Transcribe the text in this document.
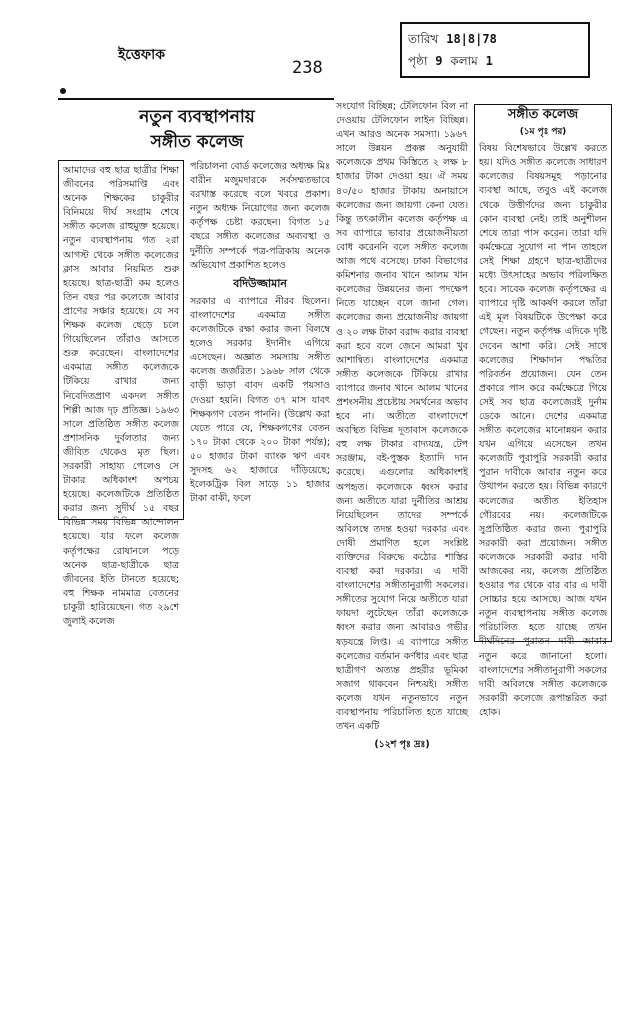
ইত্তেফাক
238
তারিখ 18|8|78
পৃষ্ঠা 9 কলাম 1
নতুন ব্যবস্থাপনায়
সঙ্গীত কলেজ

আমাদের বহু ছাত্র ছাত্রীর শিক্ষা জীবনের পরিসমাপ্তি এবং অনেক শিক্ষকের চাকুরীর বিনিময়ে দীর্ঘ সংগ্রাম শেষে সঙ্গীত কলেজ রাহুমুক্ত হয়েছে। নতুন ব্যবস্থাপনায় গত ২রা আগস্ট থেকে সঙ্গীত কলেজের ক্লাস আবার নিয়মিত শুরু হয়েছে। ছাত্র-ছাত্রী কম হলেও তিন বছর পর কলেজে আবার প্রাণের সঞ্চার হয়েছে। যে সব শিক্ষক কলেজ ছেড়ে চলে গিয়েছিলেন তাঁরাও আসতে শুরু করেছেন। বাংলাদেশের একমাত্র সঙ্গীত কলেজকে টিকিয়ে রাখার জন্য নিবেদিতপ্রাণ একদল সঙ্গীত শিল্পী আজ দৃঢ় প্রতিজ্ঞ। ১৯৬৩ সালে প্রতিষ্ঠিত সঙ্গীত কলেজ প্রশাসনিক দুর্বলতার জন্য জীবিত থেকেও মৃত ছিল। সরকারী সাহায্য পেলেও সে টাকার অধিকাংশ অপচয় হয়েছে। কলেজটিকে প্রতিষ্ঠিত করার জন্য সুদীর্ঘ ১৫ বছর বিভিন্ন সময় বিভিন্ন আন্দোলন হয়েছে। যার ফলে কলেজ কর্তৃপক্ষের রোষানলে পড়ে অনেক ছাত্র-ছাত্রীকে ছাত্র জীবনের ইতি টানতে হয়েছে; বহু শিক্ষক নামমাত্র বেতনের চাকুরী হারিয়েছেন। গত ২৯শে জুলাই কলেজ

পরিচালনা বোর্ড কলেজের অধ্যক্ষ মিঃ বারীন মজুমদারকে সর্বসম্মতভাবে বরখাস্ত করেছে বলে খবরে প্রকাশ। নতুন অধ্যক্ষ নিয়োগের জন্য কলেজ কর্তৃপক্ষ চেষ্টা করছেন। বিগত ১৫ বছরে সঙ্গীত কলেজের অব্যবস্থা ও দুর্নীতি সম্পর্কে পত্র-পত্রিকায় অনেক অভিযোগ প্রকাশিত হলেও

বদিউজ্জামান

সরকার এ ব্যাপারে নীরব ছিলেন। বাংলাদেশের একমাত্র সঙ্গীত কলেজটিকে রক্ষা করার জন্য বিলম্বে হলেও সরকার ইদানীং এগিয়ে এসেছেন। অজ্ঞাত সমস্যায় সঙ্গীত কলেজ জর্জরিত। ১৯৬৮ সাল থেকে বাড়ী ভাড়া বাবদ একটি পয়সাও দেওয়া হয়নি। বিগত ৩৭ মাস যাবৎ শিক্ষকগণ বেতন পাননি। (উল্লেখ করা যেতে পারে যে, শিক্ষকগণের বেতন ১৭০ টাকা থেকে ২০০ টাকা পর্যন্ত); ৫০ হাজার টাকা ব্যাংক ঋণ এবং সুদসহ ৬২ হাজারে দাঁড়িয়েছে; ইলেকট্রিক বিল সাড়ে ১১ হাজার টাকা বাকী, ফলে

সংযোগ বিচ্ছিন্ন; টেলিফোন বিল না দেওয়ায় টেলিফোন লাইন বিচ্ছিন্ন। এখন আরও অনেক সমস্যা। ১৯৬৭ সালে উন্নয়ন প্রকল্প অনুযায়ী কলেজকে প্রথম কিস্তিতে ২ লক্ষ ৮ হাজার টাকা দেওয়া হয়। ঐ সময় ৪০/৫০ হাজার টাকায় অনায়াসে কলেজের জন্য জায়গা কেনা যেত। কিন্তু তৎকালীন কলেজ কর্তৃপক্ষ এ সব ব্যাপারে ভাবার প্রয়োজনীয়তা বোধ করেননি বলে সঙ্গীত কলেজ আজ পথে বসেছে। ঢাকা বিভাগের কমিশনার জনাব খানে আলম খান কলেজের উন্নয়নের জন্য পদক্ষেপ নিতে যাচ্ছেন বলে জানা গেল। কলেজের জন্য প্রয়োজনীয় জায়গা ও ২০ লক্ষ টাকা বরাদ্দ করার ব্যবস্থা করা হবে বলে জেনে আমরা খুব আশান্বিত। বাংলাদেশের একমাত্র সঙ্গীত কলেজকে টিকিয়ে রাখার ব্যাপারে জনাব খানে আলম খানের প্রশংসনীয় প্রচেষ্টায় সমর্থনের অভাব হবে না। অতীতে বাংলাদেশে অবস্থিত বিভিন্ন দূতাবাস কলেজকে বহু লক্ষ টাকার বাদ্যযন্ত্র, টেপ সরঞ্জাম, বই-পুস্তক ইত্যাদি দান করেছে। এগুলোর অধিকাংশই অপহৃত। কলেজকে ধ্বংস করার জন্য অতীতে যারা দুর্নীতির আশ্রয় নিয়েছিলেন তাদের সম্পর্কে অবিলম্বে তদন্ত হওয়া দরকার এবং দোষী প্রমাণিত হলে সংশ্লিষ্ট ব্যক্তিদের বিরুদ্ধে কঠোর শাস্তির ব্যবস্থা করা দরকার। এ দাবী বাংলাদেশের সঙ্গীতানুরাগী সকলের। সঙ্গীতের সুযোগ নিয়ে অতীতে যারা ফায়দা লুটেছেন তাঁরা কলেজকে ধ্বংস করার জন্য আবারও গভীর ষড়যন্ত্রে লিপ্ত। এ ব্যাপারে সঙ্গীত কলেজের বর্তমান কর্ণধার এবং ছাত্র ছাত্রীগণ অত্যন্ত প্রহরীর ভূমিকা সজাগ থাকবেন নিশ্চয়ই। সঙ্গীত কলেজ যখন নতুনভাবে নতুন ব্যবস্থাপনায় পরিচালিত হতে যাচ্ছে তখন একটি

(১২শ পৃঃ দ্রঃ)
সঙ্গীত কলেজ
(১ম পৃঃ পর)

বিষয় বিশেষভাবে উল্লেখ করতে হয়। যদিও সঙ্গীত কলেজে সাধারণ কলেজের বিষয়সমূহ পড়ানোর ব্যবস্থা আছে, তবুও এই কলেজ থেকে উত্তীর্ণদের জন্য চাকুরীর কোন ব্যবস্থা নেই। তাই অনুশীলন শেষে তারা পাস করেন। তারা যদি কর্মক্ষেত্রে সুযোগ না পান তাহলে সেই শিক্ষা গ্রহণে ছাত্র-ছাত্রীদের মধ্যে উৎসাহের অভাব পরিলক্ষিত হবে। সাবেক কলেজ কর্তৃপক্ষের এ ব্যাপারে দৃষ্টি আকর্ষণ করলে তাঁরা এই মূল বিষয়টিকে উপেক্ষা করে গেছেন। নতুন কর্তৃপক্ষ এদিকে দৃষ্টি দেবেন আশা করি। সেই সাথে কলেজের শিক্ষাদান পদ্ধতির পরিবর্তন প্রয়োজন। যেন তেন প্রকারে পাস করে কর্মক্ষেত্রে গিয়ে সেই সব ছাত্র কলেজেরই দুর্নাম ডেকে আনে। দেশের একমাত্র সঙ্গীত কলেজের মানোন্নয়ন করার যখন এগিয়ে এসেছেন তখন কলেজটি পুরাপুরি সরকারী করার পুরান দাবীকে আবার নতুন করে উত্থাপন করতে হয়। বিভিন্ন কারণে কলেজের অতীত ইতিহাস গৌরবের নয়। কলেজটিকে সুপ্রতিষ্ঠিত করার জন্য পুরাপুরি সরকারী করা প্রয়োজন। সঙ্গীত কলেজকে সরকারী করার দাবী আজকের নয়, কলেজ প্রতিষ্ঠিত হওয়ার পর থেকে বার বার এ দাবী সোচ্চার হয়ে আসছে। আজ যখন নতুন ব্যবস্থাপনায় সঙ্গীত কলেজ পরিচালিত হতে যাচ্ছে তখন দীর্ঘদিনের পুরাতন দাবী আবার নতুন করে জানানো হলো। বাংলাদেশের সঙ্গীতানুরাগী সকলের দাবী অবিলম্বে সঙ্গীত কলেজকে সরকারী কলেজে রূপান্তরিত করা হোক।
